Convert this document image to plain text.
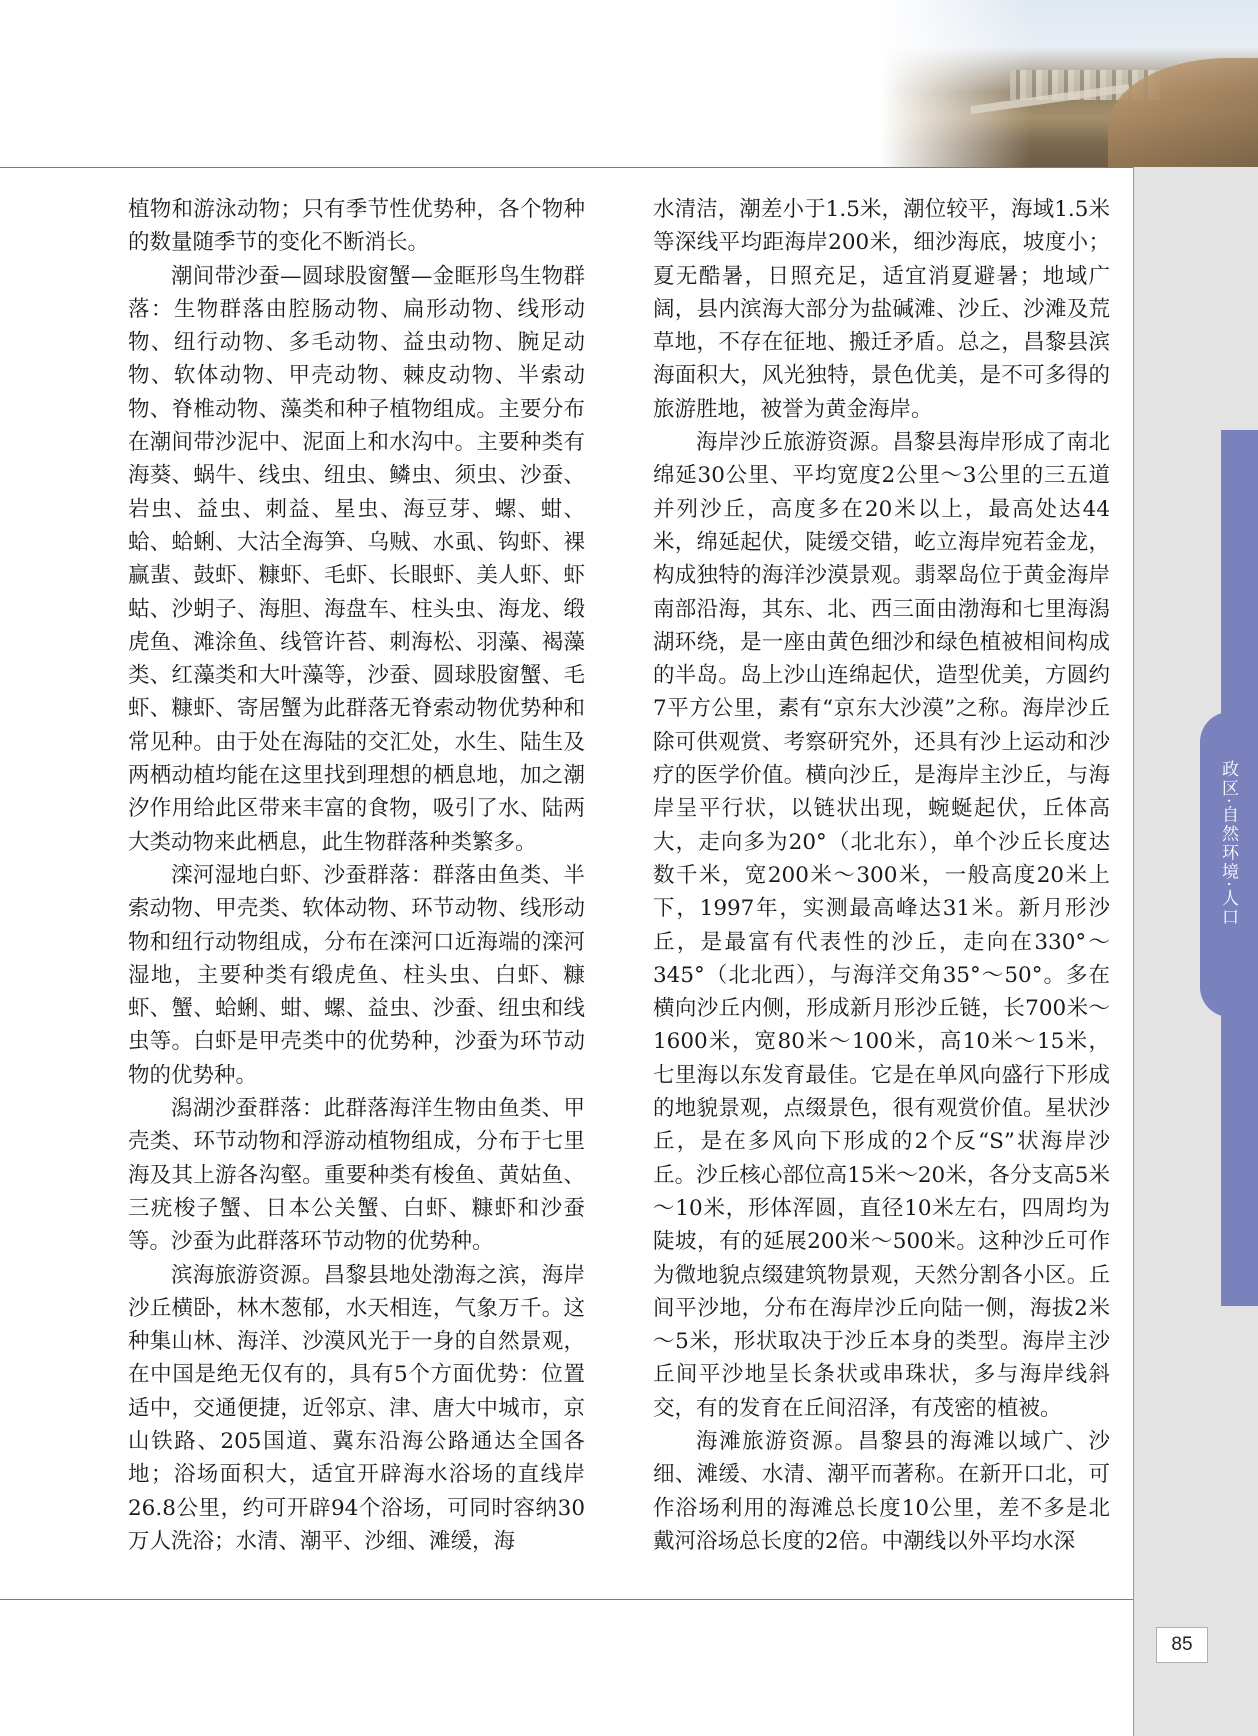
政区·自然环境·人口

植物和游泳动物；只有季节性优势种，各个物种的数量随季节的变化不断消长。

潮间带沙蚕—圆球股窗蟹—金眶形鸟生物群落：生物群落由腔肠动物、扁形动物、线形动物、纽行动物、多毛动物、益虫动物、腕足动物、软体动物、甲壳动物、棘皮动物、半索动物、脊椎动物、藻类和种子植物组成。主要分布在潮间带沙泥中、泥面上和水沟中。主要种类有海葵、蜗牛、线虫、纽虫、鳞虫、须虫、沙蚕、岩虫、益虫、刺益、星虫、海豆芽、螺、蚶、蛤、蛤蜊、大沽全海笋、乌贼、水虱、钩虾、裸赢蜚、鼓虾、糠虾、毛虾、长眼虾、美人虾、虾蛄、沙蚏子、海胆、海盘车、柱头虫、海龙、缎虎鱼、滩涂鱼、线管许苔、刺海松、羽藻、褐藻类、红藻类和大叶藻等，沙蚕、圆球股窗蟹、毛虾、糠虾、寄居蟹为此群落无脊索动物优势种和常见种。由于处在海陆的交汇处，水生、陆生及两栖动植均能在这里找到理想的栖息地，加之潮汐作用给此区带来丰富的食物，吸引了水、陆两大类动物来此栖息，此生物群落种类繁多。

滦河湿地白虾、沙蚕群落：群落由鱼类、半索动物、甲壳类、软体动物、环节动物、线形动物和纽行动物组成，分布在滦河口近海端的滦河湿地，主要种类有缎虎鱼、柱头虫、白虾、糠虾、蟹、蛤蜊、蚶、螺、益虫、沙蚕、纽虫和线虫等。白虾是甲壳类中的优势种，沙蚕为环节动物的优势种。

潟湖沙蚕群落：此群落海洋生物由鱼类、甲壳类、环节动物和浮游动植物组成，分布于七里海及其上游各沟壑。重要种类有梭鱼、黄姑鱼、三疣梭子蟹、日本公关蟹、白虾、糠虾和沙蚕等。沙蚕为此群落环节动物的优势种。

滨海旅游资源。昌黎县地处渤海之滨，海岸沙丘横卧，林木葱郁，水天相连，气象万千。这种集山林、海洋、沙漠风光于一身的自然景观，在中国是绝无仅有的，具有5个方面优势：位置适中，交通便捷，近邻京、津、唐大中城市，京山铁路、205国道、冀东沿海公路通达全国各地；浴场面积大，适宜开辟海水浴场的直线岸26.8公里，约可开辟94个浴场，可同时容纳30万人洗浴；水清、潮平、沙细、滩缓，海

水清洁，潮差小于1.5米，潮位较平，海域1.5米等深线平均距海岸200米，细沙海底，坡度小；夏无酷暑，日照充足，适宜消夏避暑；地域广阔，县内滨海大部分为盐碱滩、沙丘、沙滩及荒草地，不存在征地、搬迁矛盾。总之，昌黎县滨海面积大，风光独特，景色优美，是不可多得的旅游胜地，被誉为黄金海岸。

海岸沙丘旅游资源。昌黎县海岸形成了南北绵延30公里、平均宽度2公里～3公里的三五道并列沙丘，高度多在20米以上，最高处达44米，绵延起伏，陡缓交错，屹立海岸宛若金龙，构成独特的海洋沙漠景观。翡翠岛位于黄金海岸南部沿海，其东、北、西三面由渤海和七里海潟湖环绕，是一座由黄色细沙和绿色植被相间构成的半岛。岛上沙山连绵起伏，造型优美，方圆约7平方公里，素有“京东大沙漠”之称。海岸沙丘除可供观赏、考察研究外，还具有沙上运动和沙疗的医学价值。横向沙丘，是海岸主沙丘，与海岸呈平行状，以链状出现，蜿蜒起伏，丘体高大，走向多为20°（北北东），单个沙丘长度达数千米，宽200米～300米，一般高度20米上下，1997年，实测最高峰达31米。新月形沙丘，是最富有代表性的沙丘，走向在330°～345°（北北西），与海洋交角35°～50°。多在横向沙丘内侧，形成新月形沙丘链，长700米～1600米，宽80米～100米，高10米～15米，七里海以东发育最佳。它是在单风向盛行下形成的地貌景观，点缀景色，很有观赏价值。星状沙丘，是在多风向下形成的2个反“S”状海岸沙丘。沙丘核心部位高15米～20米，各分支高5米～10米，形体浑圆，直径10米左右，四周均为陡坡，有的延展200米～500米。这种沙丘可作为微地貌点缀建筑物景观，天然分割各小区。丘间平沙地，分布在海岸沙丘向陆一侧，海拔2米～5米，形状取决于沙丘本身的类型。海岸主沙丘间平沙地呈长条状或串珠状，多与海岸线斜交，有的发育在丘间沼泽，有茂密的植被。

海滩旅游资源。昌黎县的海滩以域广、沙细、滩缓、水清、潮平而著称。在新开口北，可作浴场利用的海滩总长度10公里，差不多是北戴河浴场总长度的2倍。中潮线以外平均水深

85
